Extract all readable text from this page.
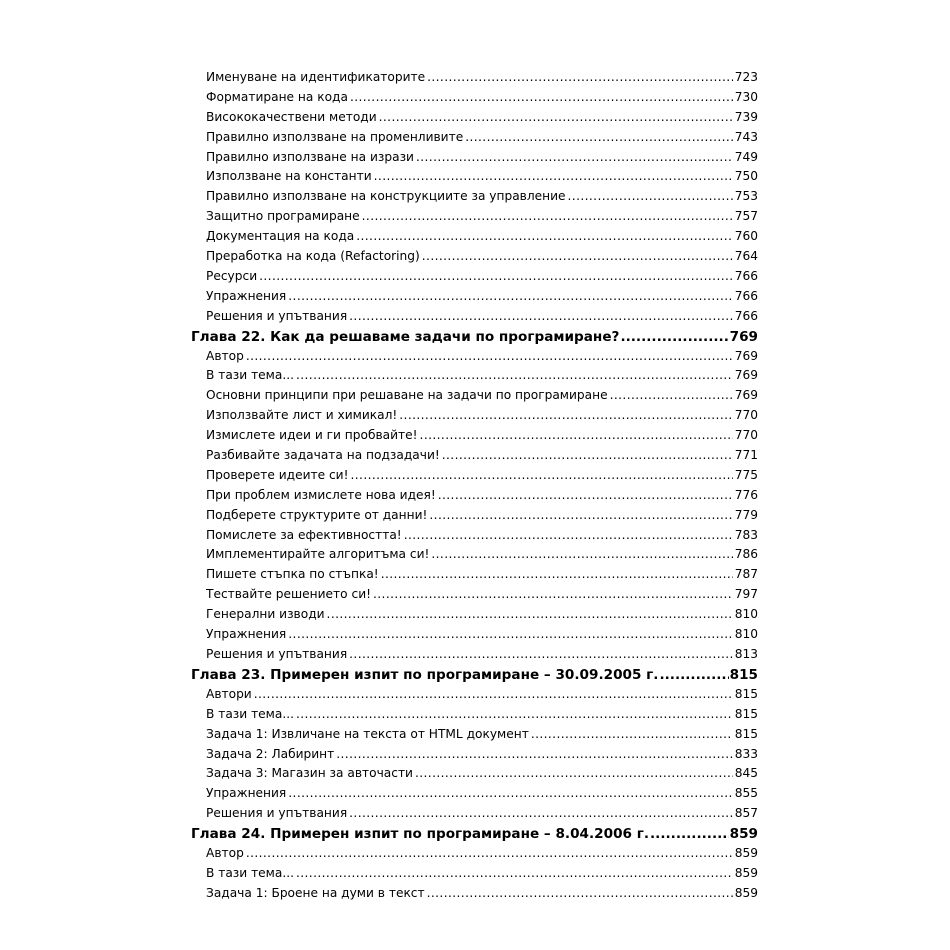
Именуване на идентификаторите .....	723
Форматиране на кода .....	730
Висококачествени методи .....	739
Правилно използване на променливите .....	743
Правилно използване на изрази .....	749
Използване на константи .....	750
Правилно използване на конструкциите за управление .....	753
Защитно програмиране .....	757
Документация на кода .....	760
Преработка на кода (Refactoring) .....	764
Ресурси .....	766
Упражнения .....	766
Решения и упътвания .....	766
Глава 22. Как да решаваме задачи по програмиране? .....	769
Автор .....	769
В тази тема... .....	769
Основни принципи при решаване на задачи по програмиране .....	769
Използвайте лист и химикал! .....	770
Измислете идеи и ги пробвайте! .....	770
Разбивайте задачата на подзадачи! .....	771
Проверете идеите си! .....	775
При проблем измислете нова идея! .....	776
Подберете структурите от данни! .....	779
Помислете за ефективността! .....	783
Имплементирайте алгоритъма си! .....	786
Пишете стъпка по стъпка! .....	787
Тествайте решението си! .....	797
Генерални изводи .....	810
Упражнения .....	810
Решения и упътвания .....	813
Глава 23. Примерен изпит по програмиране – 30.09.2005 г. .....	815
Автори .....	815
В тази тема... .....	815
Задача 1: Извличане на текста от HTML документ .....	815
Задача 2: Лабиринт .....	833
Задача 3: Магазин за авточасти .....	845
Упражнения .....	855
Решения и упътвания .....	857
Глава 24. Примерен изпит по програмиране – 8.04.2006 г. .....	859
Автор .....	859
В тази тема... .....	859
Задача 1: Броене на думи в текст .....	859
